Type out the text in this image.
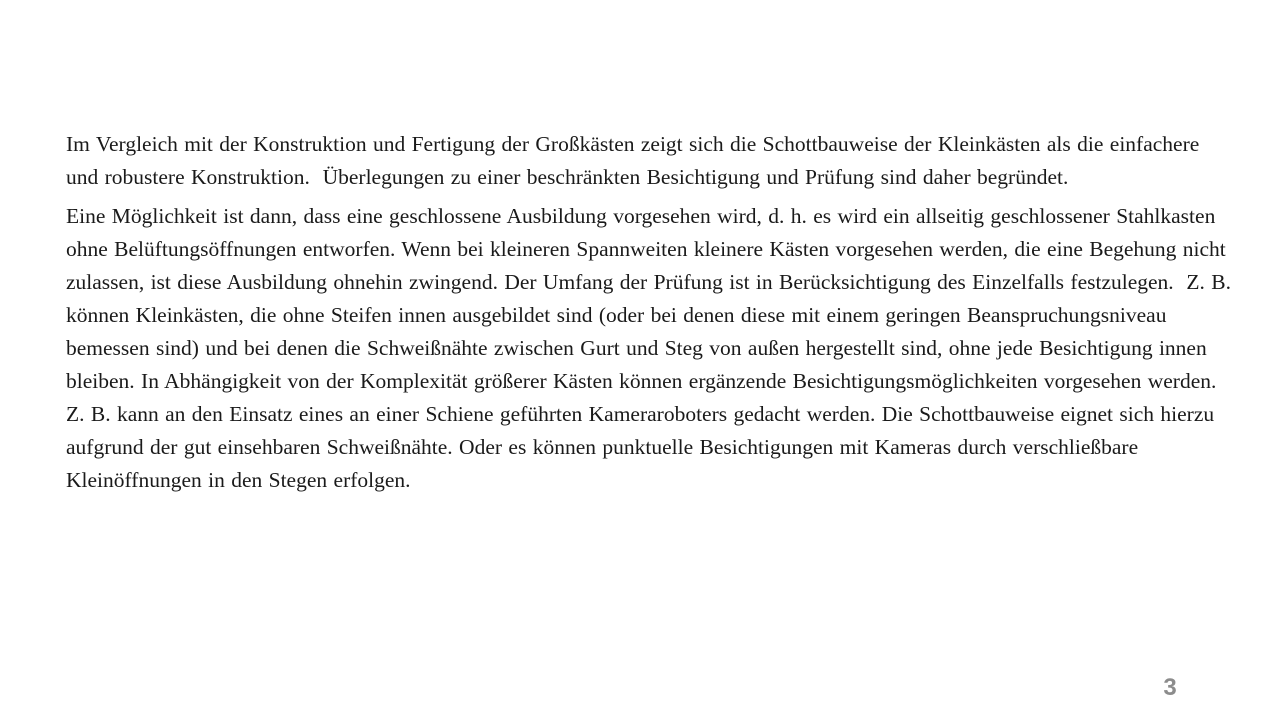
Im Vergleich mit der Konstruktion und Fertigung der Großkästen zeigt sich die Schottbauweise der Kleinkästen als die einfachere und robustere Konstruktion.  Überlegungen zu einer beschränkten Besichtigung und Prüfung sind daher begründet.

Eine Möglichkeit ist dann, dass eine geschlossene Ausbildung vorgesehen wird, d. h. es wird ein allseitig geschlossener Stahlkasten ohne Belüftungsöffnungen entworfen. Wenn bei kleineren Spannweiten kleinere Kästen vorgesehen werden, die eine Begehung nicht zulassen, ist diese Ausbildung ohnehin zwingend. Der Umfang der Prüfung ist in Berücksichtigung des Einzelfalls festzulegen.  Z. B. können Kleinkästen, die ohne Steifen innen ausgebildet sind (oder bei denen diese mit einem geringen Beanspruchungsniveau bemessen sind) und bei denen die Schweißnähte zwischen Gurt und Steg von außen hergestellt sind, ohne jede Besichtigung innen bleiben. In Abhängigkeit von der Komplexität größerer Kästen können ergänzende Besichtigungsmöglichkeiten vorgesehen werden. Z. B. kann an den Einsatz eines an einer Schiene geführten Kameraroboters gedacht werden. Die Schottbauweise eignet sich hierzu aufgrund der gut einsehbaren Schweißnähte. Oder es können punktuelle Besichtigungen mit Kameras durch verschließbare Kleinöffnungen in den Stegen erfolgen.

3
